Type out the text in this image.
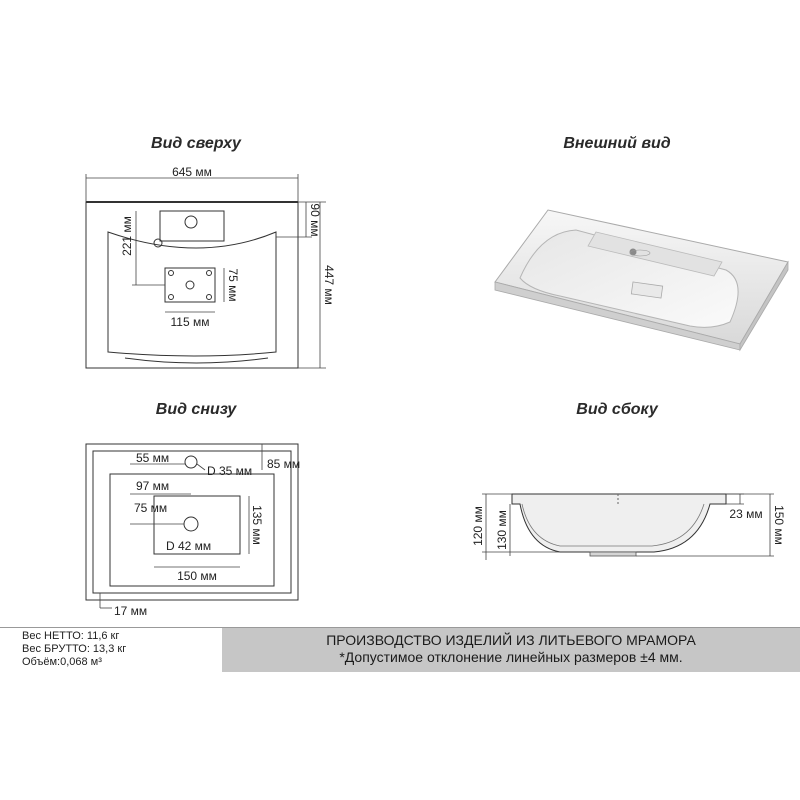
Вид сверху	Внешний вид
Вид снизу	Вид сбоку
645 мм
447 мм
90 мм
221 мм
75 мм
115 мм
55 мм
D 35 мм 85 мм
97 мм
75 мм
D 42 мм
135 мм
150 мм
17 мм
120 мм 130 мм	23 мм 150 мм
Вес НЕТТО: 11,6 кг
Вес БРУТТО: 13,3 кг
Объём:0,068 м³
ПРОИЗВОДСТВО ИЗДЕЛИЙ ИЗ ЛИТЬЕВОГО МРАМОРА
*Допустимое отклонение линейных размеров ±4 мм.
